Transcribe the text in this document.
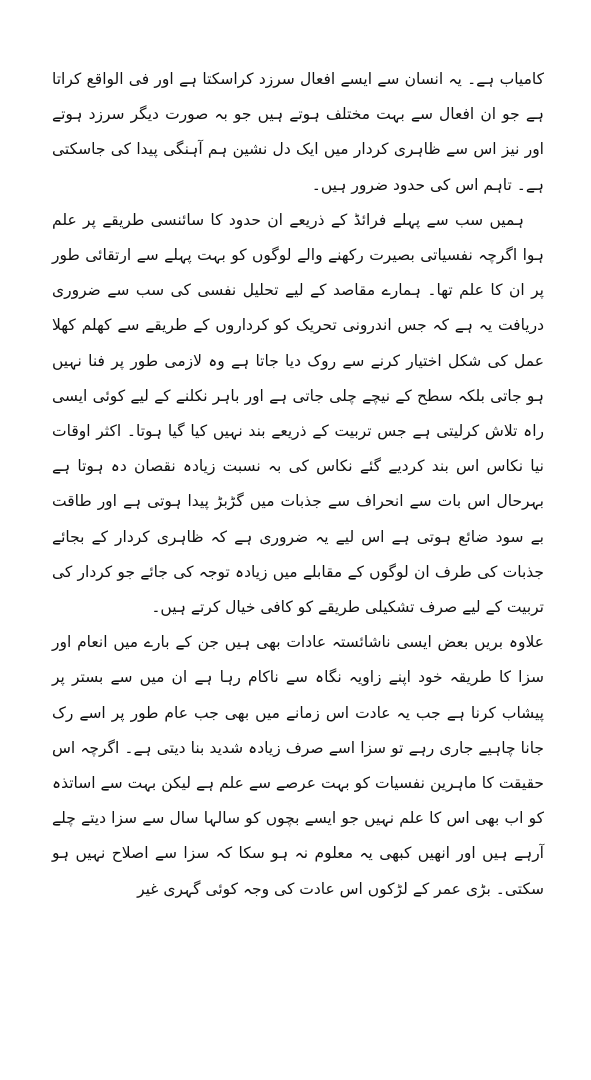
کامیاب ہے۔ یہ انسان سے ایسے افعال سرزد کراسکتا ہے اور فی الواقع کراتا ہے جو ان افعال سے بہت مختلف ہوتے ہیں جو بہ صورت دیگر سرزد ہوتے اور نیز اس سے ظاہری کردار میں ایک دل نشین ہم آہنگی پیدا کی جاسکتی ہے۔ تاہم اس کی حدود ضرور ہیں۔

ہمیں سب سے پہلے فرائڈ کے ذریعے ان حدود کا سائنسی طریقے پر علم ہوا اگرچہ نفسیاتی بصیرت رکھنے والے لوگوں کو بہت پہلے سے ارتقائی طور پر ان کا علم تھا۔ ہمارے مقاصد کے لیے تحلیل نفسی کی سب سے ضروری دریافت یہ ہے کہ جس اندرونی تحریک کو کرداروں کے طریقے سے کھلم کھلا عمل کی شکل اختیار کرنے سے روک دیا جاتا ہے وہ لازمی طور پر فنا نہیں ہو جاتی بلکہ سطح کے نیچے چلی جاتی ہے اور باہر نکلنے کے لیے کوئی ایسی راہ تلاش کرلیتی ہے جس تربیت کے ذریعے بند نہیں کیا گیا ہوتا۔ اکثر اوقات نیا نکاس اس بند کردیے گئے نکاس کی بہ نسبت زیادہ نقصان دہ ہوتا ہے بہرحال اس بات سے انحراف سے جذبات میں گڑبڑ پیدا ہوتی ہے اور طاقت بے سود ضائع ہوتی ہے اس لیے یہ ضروری ہے کہ ظاہری کردار کے بجائے جذبات کی طرف ان لوگوں کے مقابلے میں زیادہ توجہ کی جائے جو کردار کی تربیت کے لیے صرف تشکیلی طریقے کو کافی خیال کرتے ہیں۔

علاوہ بریں بعض ایسی ناشائستہ عادات بھی ہیں جن کے بارے میں انعام اور سزا کا طریقہ خود اپنے زاویہ نگاہ سے ناکام رہا ہے ان میں سے بستر پر پیشاب کرنا ہے جب یہ عادت اس زمانے میں بھی جب عام طور پر اسے رک جانا چاہیے جاری رہے تو سزا اسے صرف زیادہ شدید بنا دیتی ہے۔ اگرچہ اس حقیقت کا ماہرین نفسیات کو بہت عرصے سے علم ہے لیکن بہت سے اساتذہ کو اب بھی اس کا علم نہیں جو ایسے بچوں کو سالہا سال سے سزا دیتے چلے آرہے ہیں اور انھیں کبھی یہ معلوم نہ ہو سکا کہ سزا سے اصلاح نہیں ہو سکتی۔ بڑی عمر کے لڑکوں اس عادت کی وجہ کوئی گہری غیر
